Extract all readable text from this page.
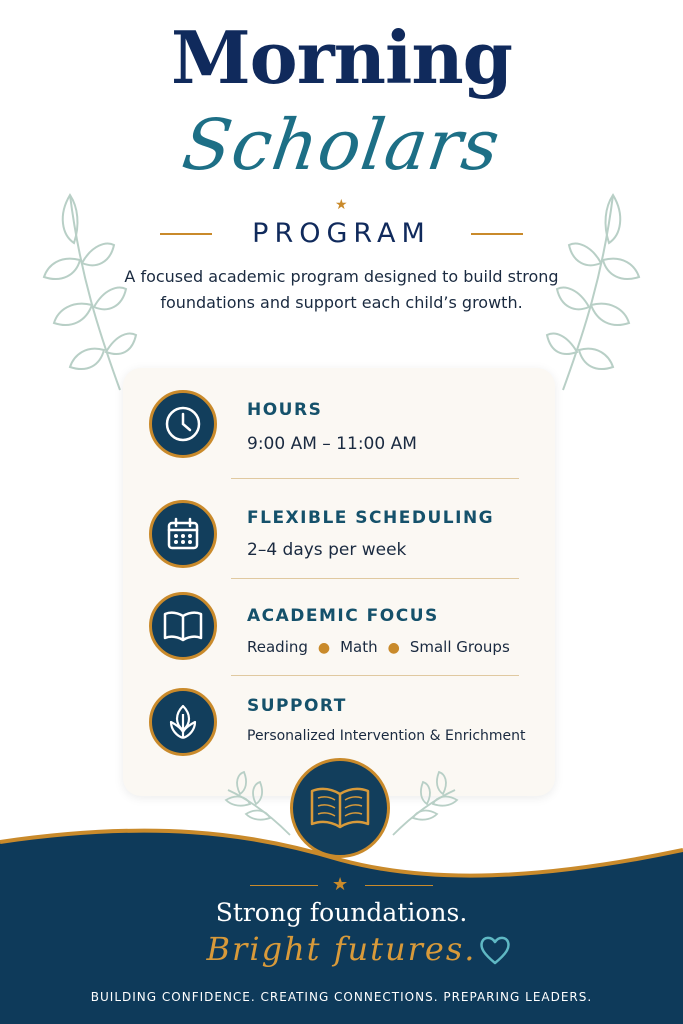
Morning
Scholars
★
PROGRAM
A focused academic program designed to build strong foundations and support each child’s growth.
HOURS
9:00 AM – 11:00 AM
FLEXIBLE SCHEDULING
2–4 days per week
ACADEMIC FOCUS
Reading ● Math ● Small Groups
SUPPORT
Personalized Intervention & Enrichment
★
Strong foundations.
Bright futures.
BUILDING CONFIDENCE. CREATING CONNECTIONS. PREPARING LEADERS.
